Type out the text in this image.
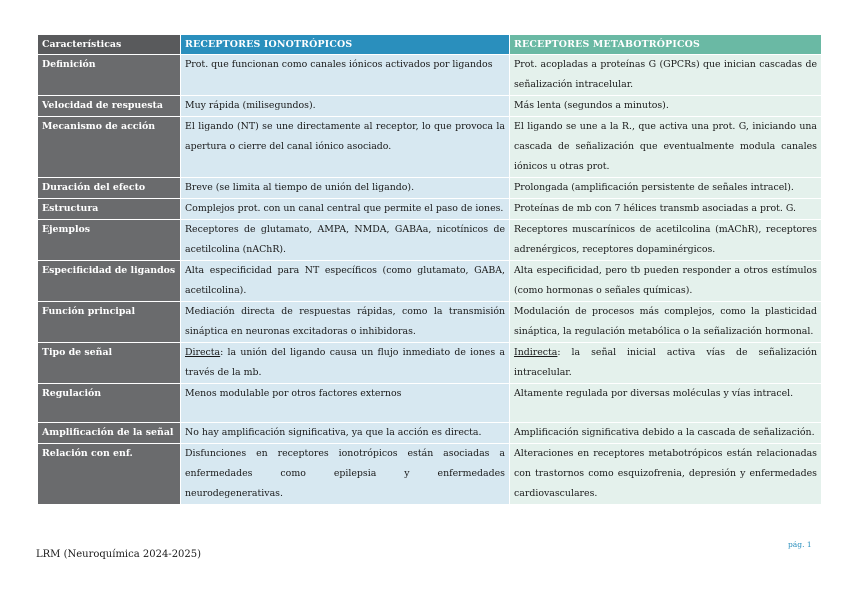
Características	RECEPTORES IONOTRÓPICOS	RECEPTORES METABOTRÓPICOS
Definición	Prot. que funcionan como canales iónicos activados por ligandos	Prot. acopladas a proteínas G (GPCRs) que inician cascadas de señalización intracelular.
Velocidad de respuesta	Muy rápida (milisegundos).	Más lenta (segundos a minutos).
Mecanismo de acción	El ligando (NT) se une directamente al receptor, lo que provoca la apertura o cierre del canal iónico asociado.	El ligando se une a la R., que activa una prot. G, iniciando una cascada de señalización que eventualmente modula canales iónicos u otras prot.
Duración del efecto	Breve (se limita al tiempo de unión del ligando).	Prolongada (amplificación persistente de señales intracel).
Estructura	Complejos prot. con un canal central que permite el paso de iones.	Proteínas de mb con 7 hélices transmb asociadas a prot. G.
Ejemplos	Receptores de glutamato, AMPA, NMDA, GABAa, nicotínicos de acetilcolina (nAChR).	Receptores muscarínicos de acetilcolina (mAChR), receptores adrenérgicos, receptores dopaminérgicos.
Especificidad de ligandos	Alta especificidad para NT específicos (como glutamato, GABA, acetilcolina).	Alta especificidad, pero tb pueden responder a otros estímulos (como hormonas o señales químicas).
Función principal	Mediación directa de respuestas rápidas, como la transmisión sináptica en neuronas excitadoras o inhibidoras.	Modulación de procesos más complejos, como la plasticidad sináptica, la regulación metabólica o la señalización hormonal.
Tipo de señal	Directa: la unión del ligando causa un flujo inmediato de iones a través de la mb.	Indirecta: la señal inicial activa vías de señalización intracelular.
Regulación	Menos modulable por otros factores externos	Altamente regulada por diversas moléculas y vías intracel.
Amplificación de la señal	No hay amplificación significativa, ya que la acción es directa.	Amplificación significativa debido a la cascada de señalización.
Relación con enf.	Disfunciones en receptores ionotrópicos están asociadas a enfermedades como epilepsia y enfermedades neurodegenerativas.	Alteraciones en receptores metabotrópicos están relacionadas con trastornos como esquizofrenia, depresión y enfermedades cardiovasculares.
LRM (Neuroquímica 2024-2025)
pág. 1
